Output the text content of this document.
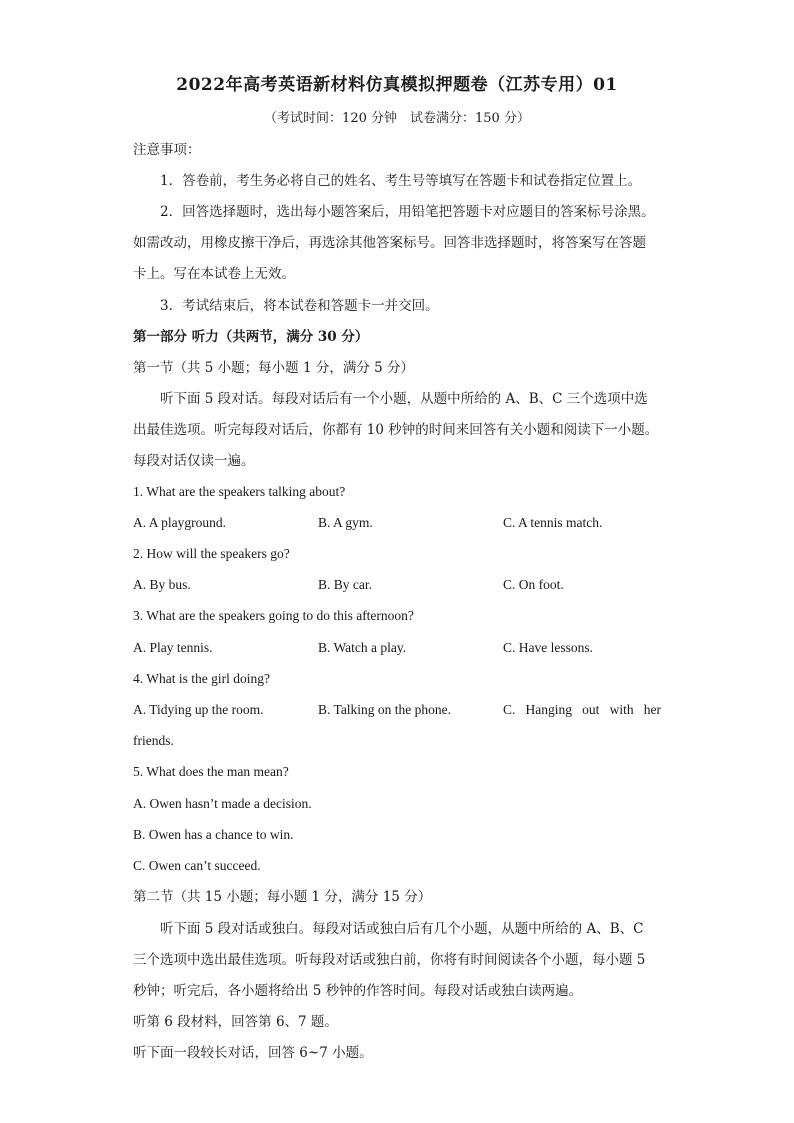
2022年高考英语新材料仿真模拟押题卷（江苏专用）01
（考试时间：120 分钟　试卷满分：150 分）
注意事项：
1．答卷前，考生务必将自己的姓名、考生号等填写在答题卡和试卷指定位置上。
2．回答选择题时，选出每小题答案后，用铅笔把答题卡对应题目的答案标号涂黑。
如需改动，用橡皮擦干净后，再选涂其他答案标号。回答非选择题时，将答案写在答题
卡上。写在本试卷上无效。
3．考试结束后，将本试卷和答题卡一并交回。
第一部分 听力（共两节，满分 30 分）
第一节（共 5 小题；每小题 1 分，满分 5 分）
听下面 5 段对话。每段对话后有一个小题，从题中所给的 A、B、C 三个选项中选
出最佳选项。听完每段对话后，你都有 10 秒钟的时间来回答有关小题和阅读下一小题。
每段对话仅读一遍。
1. What are the speakers talking about?
A. A playground.	B. A gym.	C. A tennis match.
2. How will the speakers go?
A. By bus.	B. By car.	C. On foot.
3. What are the speakers going to do this afternoon?
A. Play tennis.	B. Watch a play.	C. Have lessons.
4. What is the girl doing?
A. Tidying up the room.	B. Talking on the phone.	C. Hanging out with her
friends.
5. What does the man mean?
A. Owen hasn’t made a decision.
B. Owen has a chance to win.
C. Owen can’t succeed.
第二节（共 15 小题；每小题 1 分，满分 15 分）
听下面 5 段对话或独白。每段对话或独白后有几个小题，从题中所给的 A、B、C
三个选项中选出最佳选项。听每段对话或独白前，你将有时间阅读各个小题，每小题 5
秒钟；听完后，各小题将给出 5 秒钟的作答时间。每段对话或独白读两遍。
听第 6 段材料，回答第 6、7 题。
听下面一段较长对话，回答 6~7 小题。
